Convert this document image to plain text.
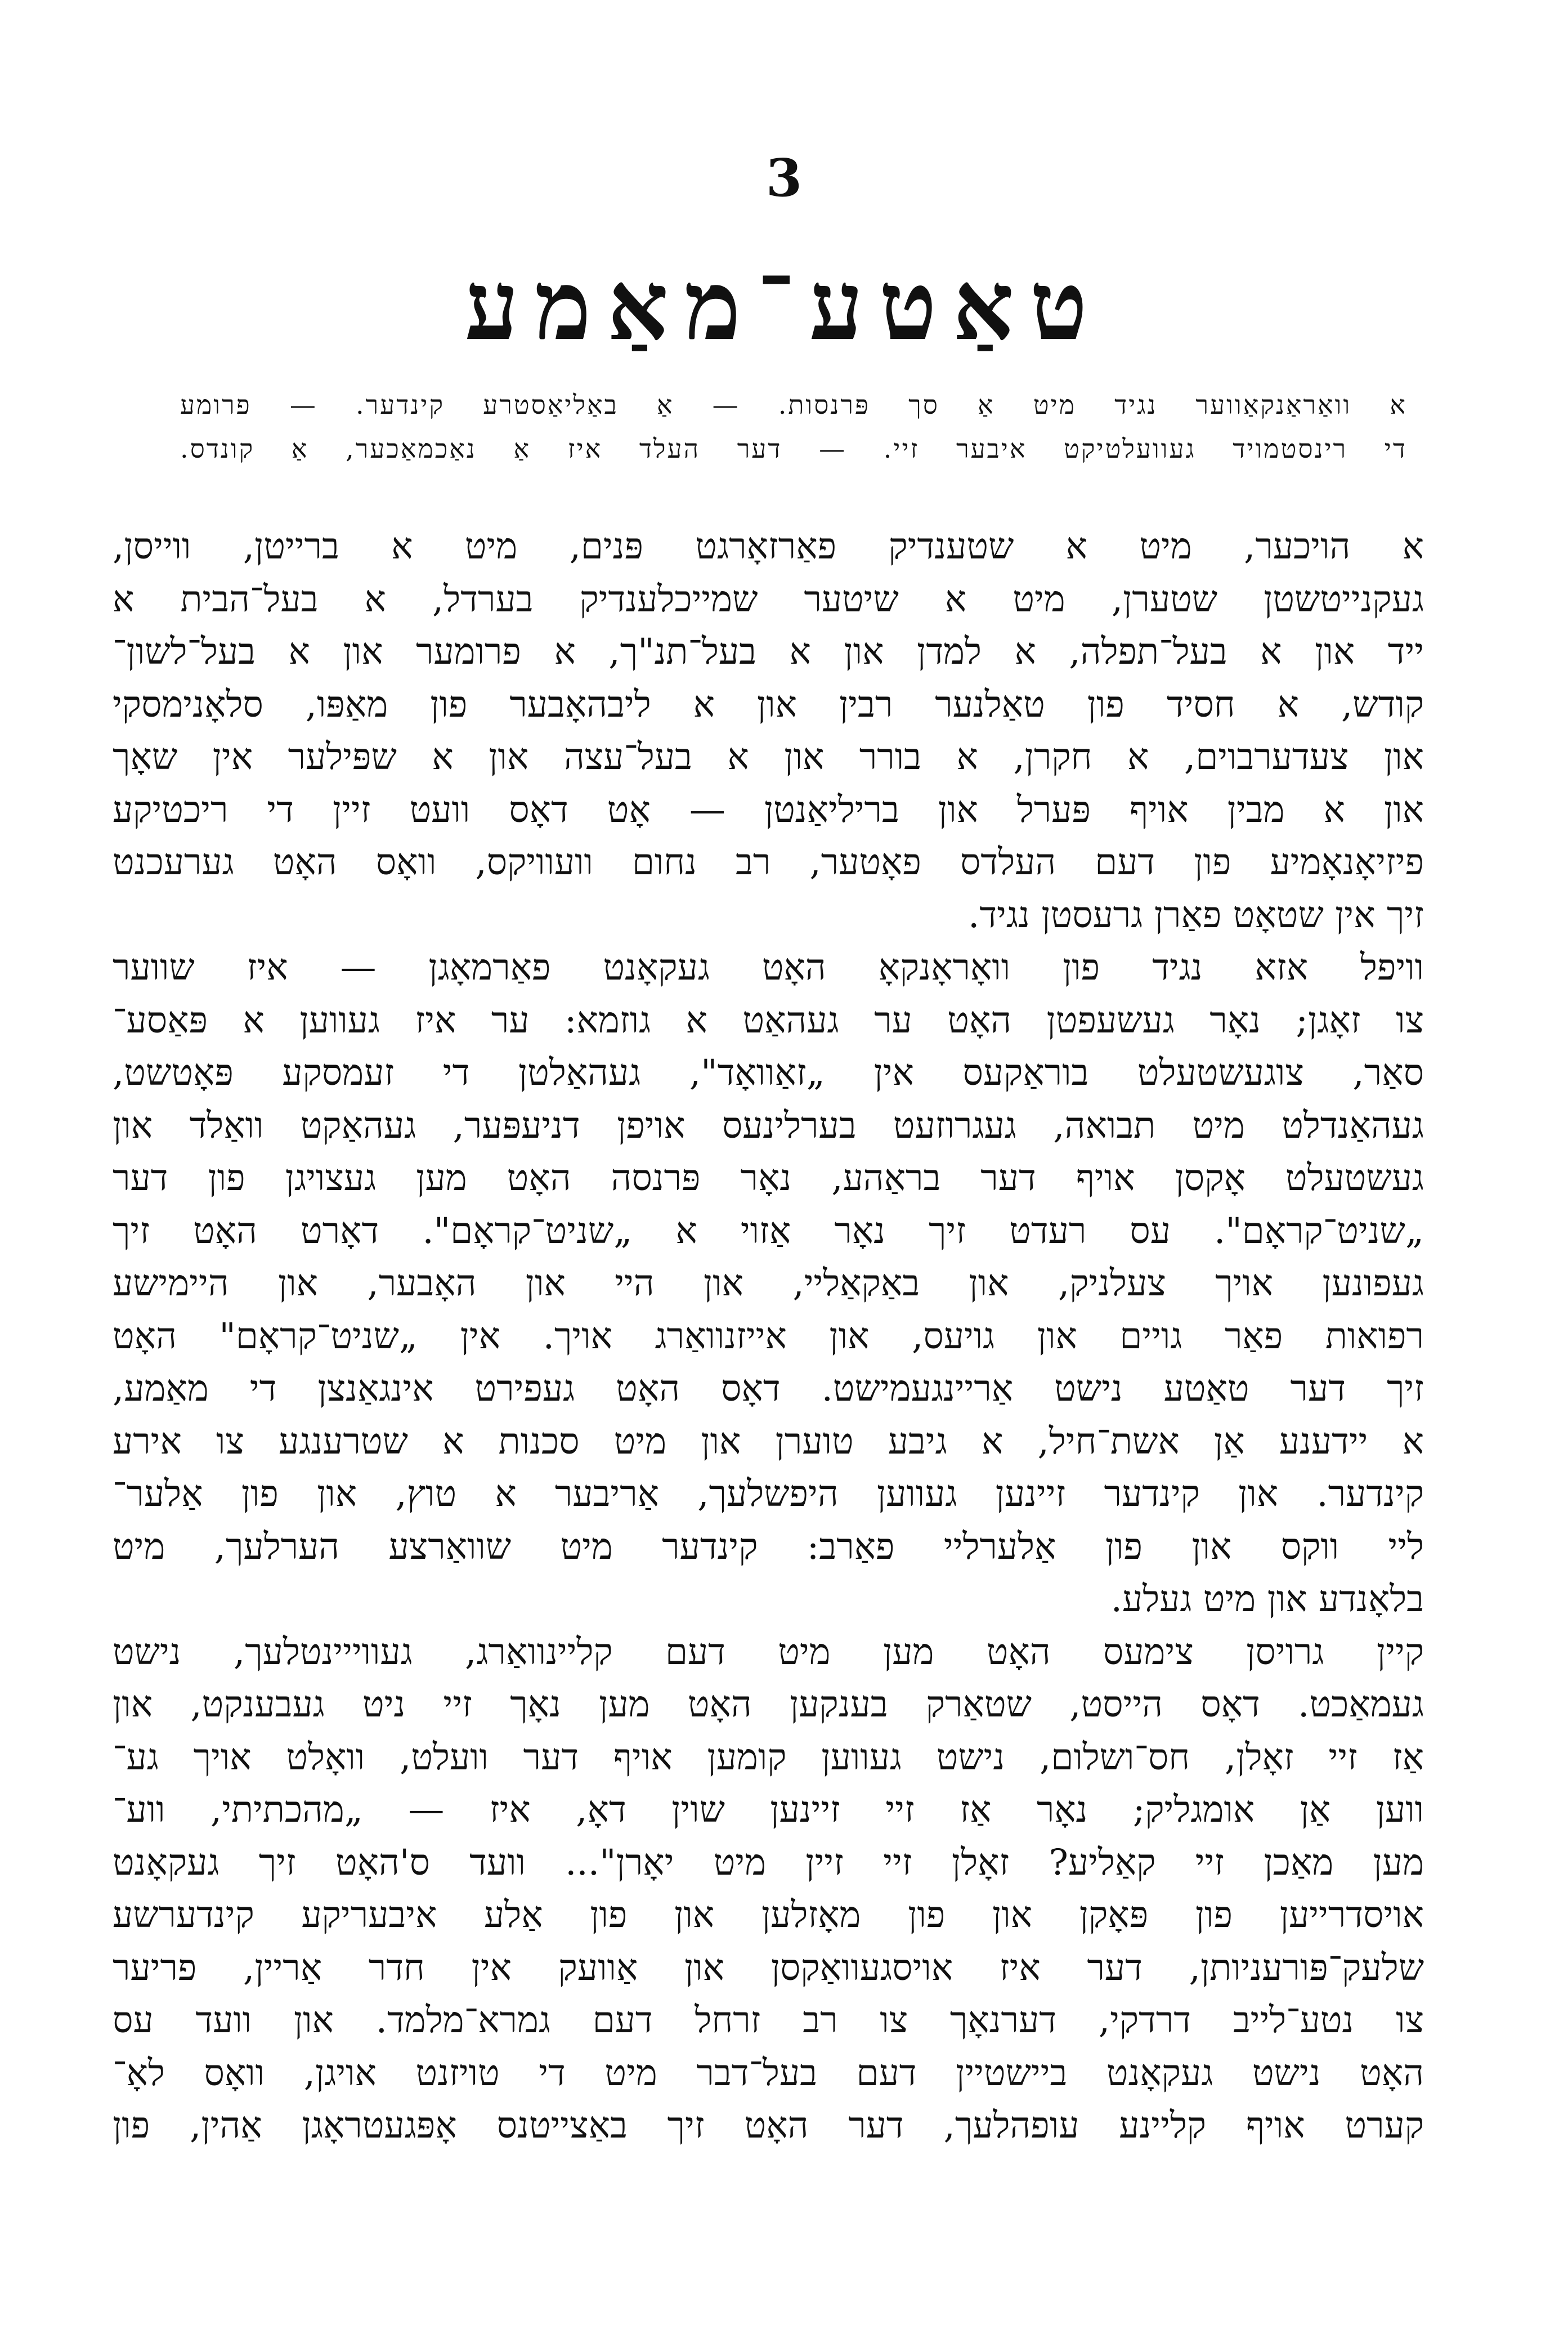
3
טאַטע־מאַמע
א וואַראַנקאַווער נגיד מיט אַ סך פּרנסות. — אַ באַליאַסטרע קינדער. — פרומע
די רינסטמויד געוועלטיקט איבער זיי. — דער העלד איז אַ נאַכמאַכער, אַ קונדס.
א הויכער, מיט א שטענדיק פאַרזאָרגט פּנים, מיט א ברייטן, ווייסן,
געקנייטשטן שטערן, מיט א שיטער שמייכלענדיק בערדל, א בעל־הבית א
ייד און א בעל־תפלה, א למדן און א בעל־תנ"ך, א פרומער און א בעל־לשון־
קודש, א חסיד פון טאַלנער רבין און א ליבהאָבער פון מאַפּו, סלאָנימסקי
און צעדערבוים, א חקרן, א בורר און א בעל־עצה און א שפּילער אין שאָך
און א מבין אויף פּערל און בריליאַנטן — אָט דאָס וועט זיין די ריכטיקע
פיזיאָנאָמיע פון דעם העלדס פאָטער, רב נחום וועוויקס, וואָס האָט גערעכנט
זיך אין שטאָט פאַרן גרעסטן נגיד.
וויפל אזא נגיד פון וואָראָנקאָ האָט געקאָנט פאַרמאָגן — איז שווער
צו זאָגן; נאָר געשעפטן האָט ער געהאַט א גוזמא: ער איז געווען א פּאַסע־
סאַר, צוגעשטעלט בוראַקעס אין „זאַוואָד", געהאַלטן די זעמסקע פּאָטשט,
געהאַנדלט מיט תבואה, געגרוזעט בערלינעס אויפן דניעפּער, געהאַקט וואַלד און
געשטעלט אָקסן אויף דער בראַהע, נאָר פּרנסה האָט מען געצויגן פון דער
„שניט־קראָם". עס רעדט זיך נאָר אַזוי א „שניט־קראָם". דאָרט האָט זיך
געפונען אויך צעלניק, און באַקאַליי, און היי און האָבער, און היימישע
רפואות פאַר גויים און גויעס, און אייזנוואַרג אויך. אין „שניט־קראָם" האָט
זיך דער טאַטע נישט אַריינגעמישט. דאָס האָט געפירט אינגאַנצן די מאַמע,
א יידענע אַן אשת־חיל, א גיבע טוערן און מיט סכנות א שטרענגע צו אירע
קינדער. און קינדער זיינען געווען היפשלעך, אַריבער א טוץ, און פון אַלער־
ליי ווקס און פון אַלערליי פאַרב: קינדער מיט שוואַרצע הערלעך, מיט
בלאָנדע און מיט געלע.
קיין גרויסן צימעס האָט מען מיט דעם קליינוואַרג, געווייינטלעך, נישט
געמאַכט. דאָס הייסט, שטאַרק בענקען האָט מען נאָך זיי ניט געבענקט, און
אַז זיי זאָלן, חס־ושלום, נישט געווען קומען אויף דער וועלט, וואָלט אויך גע־
ווען אַן אומגליק; נאָר אַז זיי זיינען שוין דאָ, איז — „מהכתיתי, ווע־
מען מאַכן זיי קאַליע? זאָלן זיי זיין מיט יאָרן"... וועד ס'האָט זיך געקאָנט
אויסדרייען פון פּאָקן און פון מאָזלען און פון אַלע איבעריקע קינדערשע
שלעק־פּורעניותן, דער איז אויסגעוואַקסן און אַוועק אין חדר אַריין, פריער
צו נטע־לייב דרדקי, דערנאָך צו רב זרחל דעם גמרא־מלמד. און וועד עס
האָט נישט געקאָנט ביישטיין דעם בעל־דבר מיט די טויזנט אויגן, וואָס לאָ־
קערט אויף קליינע עופהלעך, דער האָט זיך באַצייטנס אָפּגעטראָגן אַהין, פון
